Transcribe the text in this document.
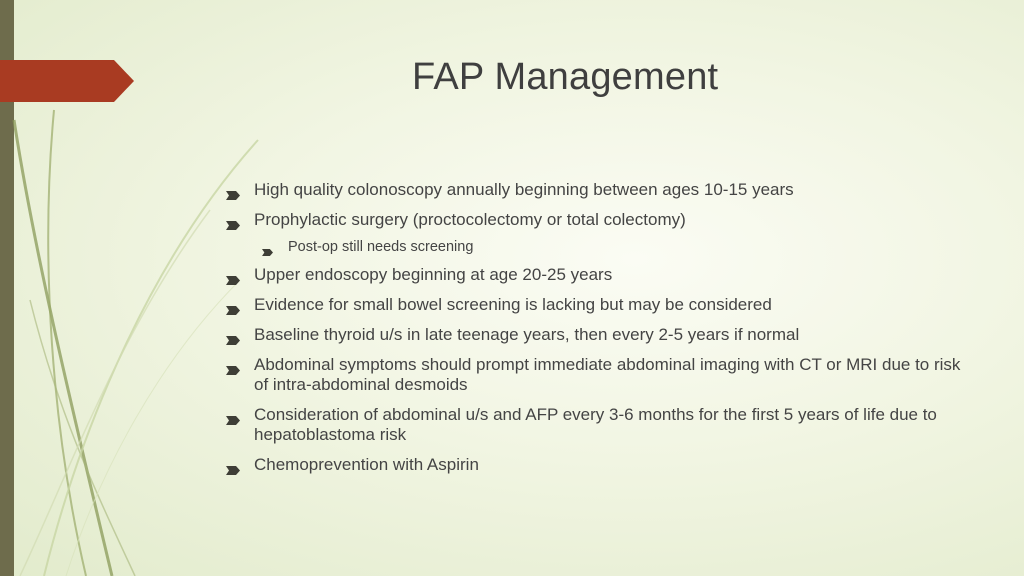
FAP Management
High quality colonoscopy annually beginning between ages 10-15 years
Prophylactic surgery (proctocolectomy or total colectomy)
Post-op still needs screening
Upper endoscopy beginning at age 20-25 years
Evidence for small bowel screening is lacking but may be considered
Baseline thyroid u/s in late teenage years, then every 2-5 years if normal
Abdominal symptoms should prompt immediate abdominal imaging with CT or MRI due to risk of intra-abdominal desmoids
Consideration of abdominal u/s and AFP every 3-6 months for the first 5 years of life due to hepatoblastoma risk
Chemoprevention with Aspirin
